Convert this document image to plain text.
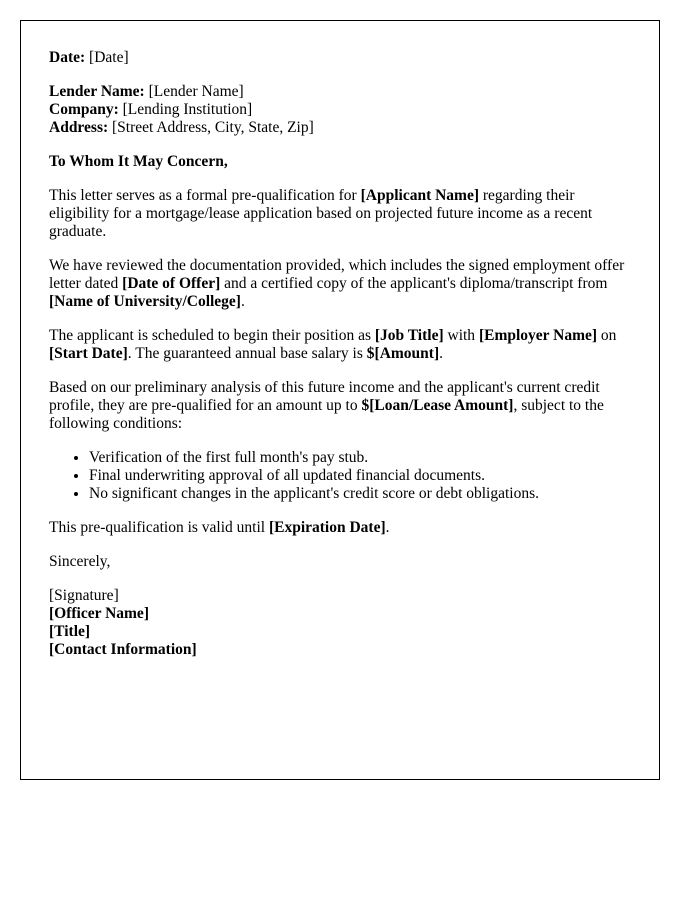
Date: [Date]

Lender Name: [Lender Name]
Company: [Lending Institution]
Address: [Street Address, City, State, Zip]

To Whom It May Concern,

This letter serves as a formal pre-qualification for [Applicant Name] regarding their eligibility for a mortgage/lease application based on projected future income as a recent graduate.

We have reviewed the documentation provided, which includes the signed employment offer letter dated [Date of Offer] and a certified copy of the applicant's diploma/transcript from [Name of University/College].

The applicant is scheduled to begin their position as [Job Title] with [Employer Name] on [Start Date]. The guaranteed annual base salary is $[Amount].

Based on our preliminary analysis of this future income and the applicant's current credit profile, they are pre-qualified for an amount up to $[Loan/Lease Amount], subject to the following conditions:

• Verification of the first full month's pay stub.
• Final underwriting approval of all updated financial documents.
• No significant changes in the applicant's credit score or debt obligations.

This pre-qualification is valid until [Expiration Date].

Sincerely,

[Signature]
[Officer Name]
[Title]
[Contact Information]
